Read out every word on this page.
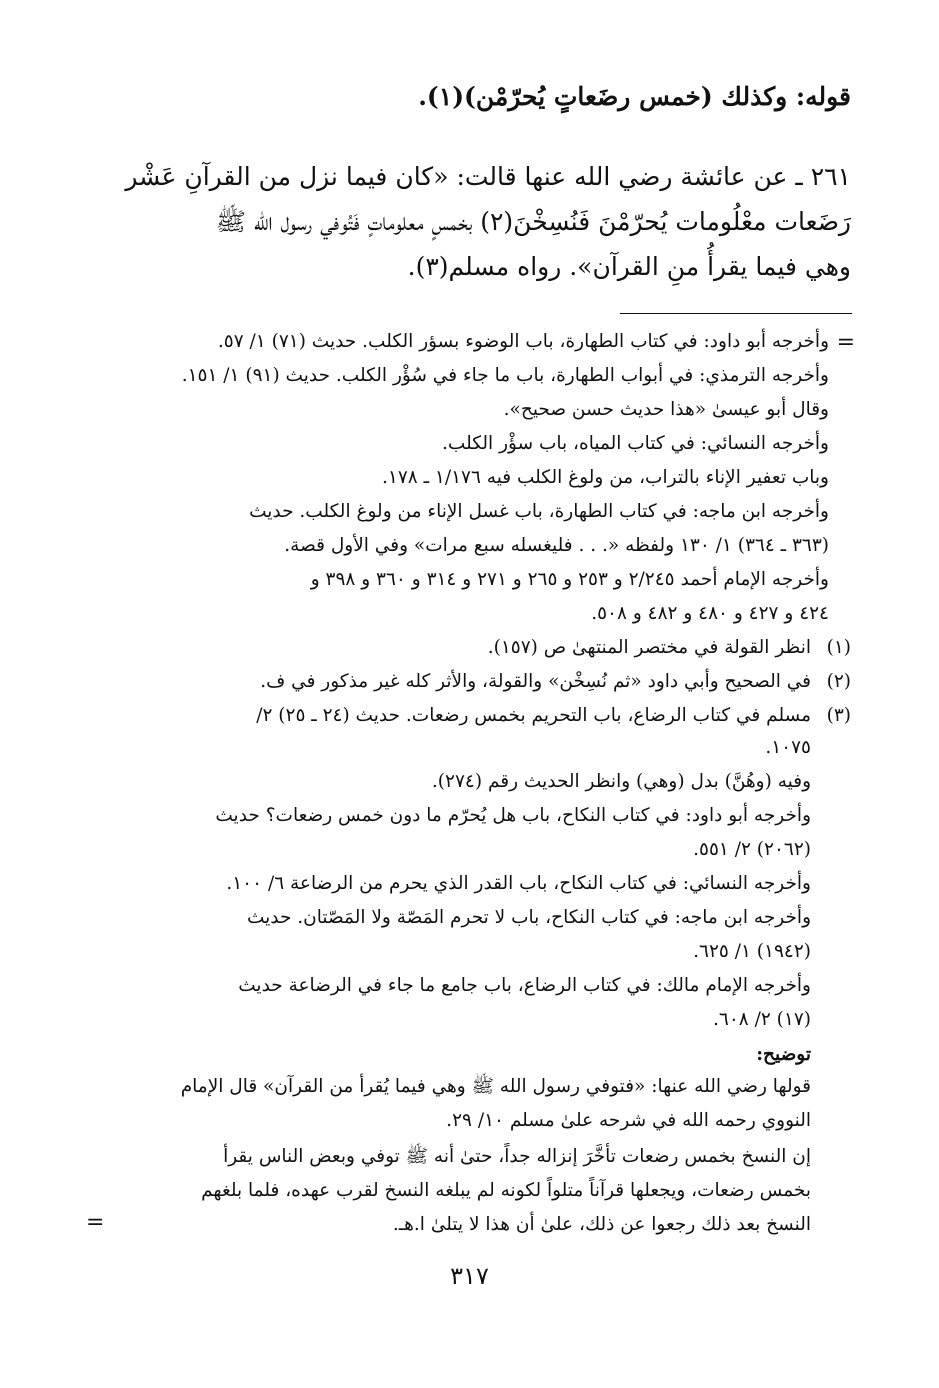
قوله: وكذلك (خمس رضَعاتٍ يُحرّمْن)(١).
٢٦١ ـ عن عائشة رضي الله عنها قالت: «كان فيما نزل من القرآنِ عَشْر
رَضَعات معْلُومات يُحرّمْنَ فَنُسِخْنَ(٢) بخمسٍ معلوماتٍ فَتُوفي رسول الله ﷺ
وهي فيما يقرأُ منِ القرآن». رواه مسلم(٣).
=
وأخرجه أبو داود: في كتاب الطهارة، باب الوضوء بسؤر الكلب. حديث (٧١) ١/ ٥٧.
وأخرجه الترمذي: في أبواب الطهارة، باب ما جاء في سُؤْر الكلب. حديث (٩١) ١/ ١٥١.
وقال أبو عيسىٰ «هذا حديث حسن صحيح».
وأخرجه النسائي: في كتاب المياه، باب سؤْر الكلب.
وباب تعفير الإناء بالتراب، من ولوغ الكلب فيه ١/١٧٦ ـ ١٧٨.
وأخرجه ابن ماجه: في كتاب الطهارة، باب غسل الإناء من ولوغ الكلب. حديث
(٣٦٣ ـ ٣٦٤) ١/ ١٣٠ ولفظه «. . . فليغسله سبع مرات» وفي الأول قصة.
وأخرجه الإمام أحمد ٢/٢٤٥ و ٢٥٣ و ٢٦٥ و ٢٧١ و ٣١٤ و ٣٦٠ و ٣٩٨ و
٤٢٤ و ٤٢٧ و ٤٨٠ و ٤٨٢ و ٥٠٨.
(١)
انظر القولة في مختصر المنتهىٰ ص (١٥٧).
(٢)
في الصحيح وأبي داود «ثم نُسِخْن» والقولة، والأثر كله غير مذكور في ف.
(٣)
مسلم في كتاب الرضاع، باب التحريم بخمس رضعات. حديث (٢٤ ـ ٢٥) ٢/
١٠٧٥.
وفيه (وهُنَّ) بدل (وهي) وانظر الحديث رقم (٢٧٤).
وأخرجه أبو داود: في كتاب النكاح، باب هل يُحرّم ما دون خمس رضعات؟ حديث
(٢٠٦٢) ٢/ ٥٥١.
وأخرجه النسائي: في كتاب النكاح، باب القدر الذي يحرم من الرضاعة ٦/ ١٠٠.
وأخرجه ابن ماجه: في كتاب النكاح، باب لا تحرم المَصّة ولا المَصّتان. حديث
(١٩٤٢) ١/ ٦٢٥.
وأخرجه الإمام مالك: في كتاب الرضاع، باب جامع ما جاء في الرضاعة حديث
(١٧) ٢/ ٦٠٨.
توضيح:
قولها رضي الله عنها: «فتوفي رسول الله ﷺ وهي فيما يُقرأ من القرآن» قال الإمام
النووي رحمه الله في شرحه علىٰ مسلم ١٠/ ٢٩.
إن النسخ بخمس رضعات تأخَّرَ إنزاله جداً، حتىٰ أنه ﷺ توفي وبعض الناس يقرأ
بخمس رضعات، ويجعلها قرآناً متلواً لكونه لم يبلغه النسخ لقرب عهده، فلما بلغهم
النسخ بعد ذلك رجعوا عن ذلك، علىٰ أن هذا لا يتلىٰ ا.هـ.
=
٣١٧
